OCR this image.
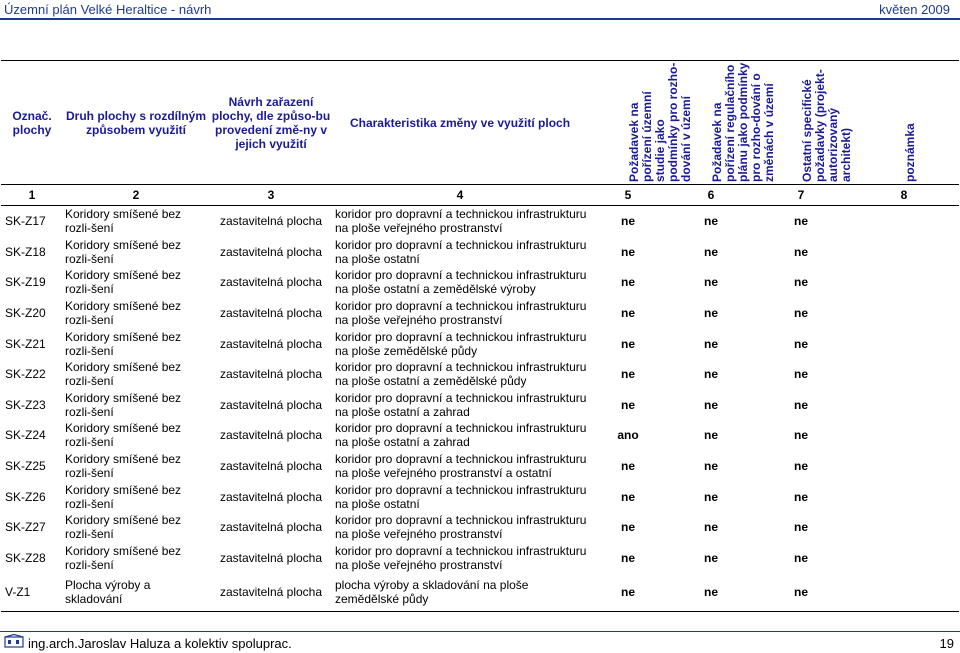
Územní plán Velké Heraltice - návrh	květen 2009
Označ. plochy	Druh plochy s rozdílným způsobem využití	Návrh zařazení plochy, dle způso-bu provedení změ-ny v jejich využití	Charakteristika změny ve využití ploch	Požadavek na pořízení územní studie jako podmínky pro rozho-dování v území	Požadavek na pořízení regulačního plánu jako podmínky pro rozho-dování o změnách v území	Ostatní specifické požadavky (projekt- autorizovaný architekt)	poznámka

1	2	3	4	5	6	7	8
SK-Z17	Koridory smíšené bez rozli-šení	zastavitelná plocha	koridor pro dopravní a technickou infrastrukturu na ploše veřejného prostranství	ne	ne	ne	
SK-Z18	Koridory smíšené bez rozli-šení	zastavitelná plocha	koridor pro dopravní a technickou infrastrukturu na ploše ostatní	ne	ne	ne	
SK-Z19	Koridory smíšené bez rozli-šení	zastavitelná plocha	koridor pro dopravní a technickou infrastrukturu na ploše ostatní a zemědělské výroby	ne	ne	ne	
SK-Z20	Koridory smíšené bez rozli-šení	zastavitelná plocha	koridor pro dopravní a technickou infrastrukturu na ploše veřejného prostranství	ne	ne	ne	
SK-Z21	Koridory smíšené bez rozli-šení	zastavitelná plocha	koridor pro dopravní a technickou infrastrukturu na ploše zemědělské půdy	ne	ne	ne	
SK-Z22	Koridory smíšené bez rozli-šení	zastavitelná plocha	koridor pro dopravní a technickou infrastrukturu na ploše ostatní a zemědělské půdy	ne	ne	ne	
SK-Z23	Koridory smíšené bez rozli-šení	zastavitelná plocha	koridor pro dopravní a technickou infrastrukturu na ploše ostatní a zahrad	ne	ne	ne	
SK-Z24	Koridory smíšené bez rozli-šení	zastavitelná plocha	koridor pro dopravní a technickou infrastrukturu na ploše ostatní a zahrad	ano	ne	ne	
SK-Z25	Koridory smíšené bez rozli-šení	zastavitelná plocha	koridor pro dopravní a technickou infrastrukturu na ploše veřejného prostranství a ostatní	ne	ne	ne	
SK-Z26	Koridory smíšené bez rozli-šení	zastavitelná plocha	koridor pro dopravní a technickou infrastrukturu na ploše ostatní	ne	ne	ne	
SK-Z27	Koridory smíšené bez rozli-šení	zastavitelná plocha	koridor pro dopravní a technickou infrastrukturu na ploše veřejného prostranství	ne	ne	ne	
SK-Z28	Koridory smíšené bez rozli-šení	zastavitelná plocha	koridor pro dopravní a technickou infrastrukturu na ploše veřejného prostranství	ne	ne	ne	
V-Z1	Plocha výroby a skladování	zastavitelná plocha	plocha výroby a skladování na ploše zemědělské půdy	ne	ne	ne	
ing.arch.Jaroslav Haluza a kolektiv spoluprac.	19
